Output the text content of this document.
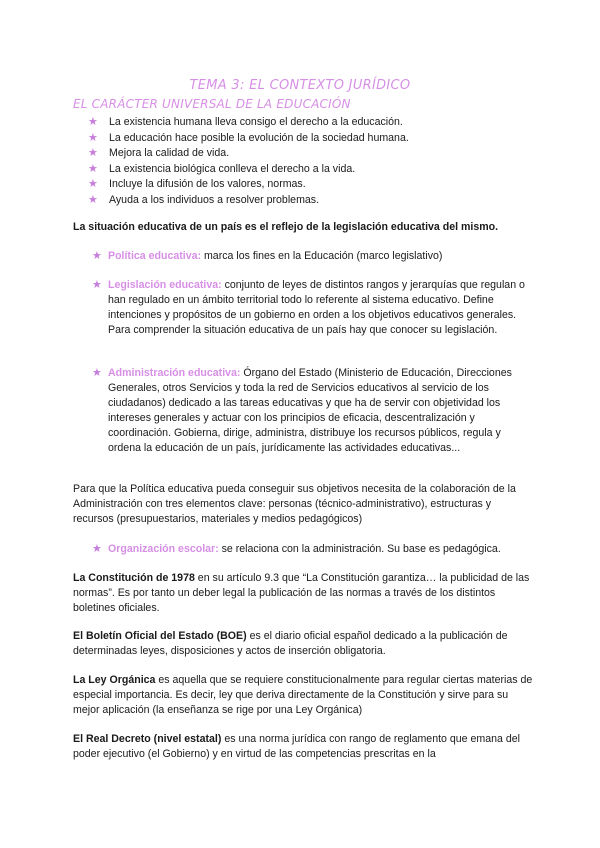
TEMA 3: EL CONTEXTO JURÍDICO
EL CARÁCTER UNIVERSAL DE LA EDUCACIÓN
★ La existencia humana lleva consigo el derecho a la educación.
★ La educación hace posible la evolución de la sociedad humana.
★ Mejora la calidad de vida.
★ La existencia biológica conlleva el derecho a la vida.
★ Incluye la difusión de los valores, normas.
★ Ayuda a los individuos a resolver problemas.

La situación educativa de un país es el reflejo de la legislación educativa del mismo.

★ Política educativa: marca los fines en la Educación (marco legislativo)

★ Legislación educativa: conjunto de leyes de distintos rangos y jerarquías que regulan o han regulado en un ámbito territorial todo lo referente al sistema educativo. Define intenciones y propósitos de un gobierno en orden a los objetivos educativos generales. Para comprender la situación educativa de un país hay que conocer su legislación.

★ Administración educativa: Órgano del Estado (Ministerio de Educación, Direcciones Generales, otros Servicios y toda la red de Servicios educativos al servicio de los ciudadanos) dedicado a las tareas educativas y que ha de servir con objetividad los intereses generales y actuar con los principios de eficacia, descentralización y coordinación. Gobierna, dirige, administra, distribuye los recursos públicos, regula y ordena la educación de un país, jurídicamente las actividades educativas...

Para que la Política educativa pueda conseguir sus objetivos necesita de la colaboración de la Administración con tres elementos clave: personas (técnico-administrativo), estructuras y recursos (presupuestarios, materiales y medios pedagógicos)

★ Organización escolar: se relaciona con la administración. Su base es pedagógica.

La Constitución de 1978 en su artículo 9.3 que “La Constitución garantiza… la publicidad de las normas”. Es por tanto un deber legal la publicación de las normas a través de los distintos boletines oficiales.

El Boletín Oficial del Estado (BOE) es el diario oficial español dedicado a la publicación de determinadas leyes, disposiciones y actos de inserción obligatoria.

La Ley Orgánica es aquella que se requiere constitucionalmente para regular ciertas materias de especial importancia. Es decir, ley que deriva directamente de la Constitución y sirve para su mejor aplicación (la enseñanza se rige por una Ley Orgánica)

El Real Decreto (nivel estatal) es una norma jurídica con rango de reglamento que emana del poder ejecutivo (el Gobierno) y en virtud de las competencias prescritas en la
